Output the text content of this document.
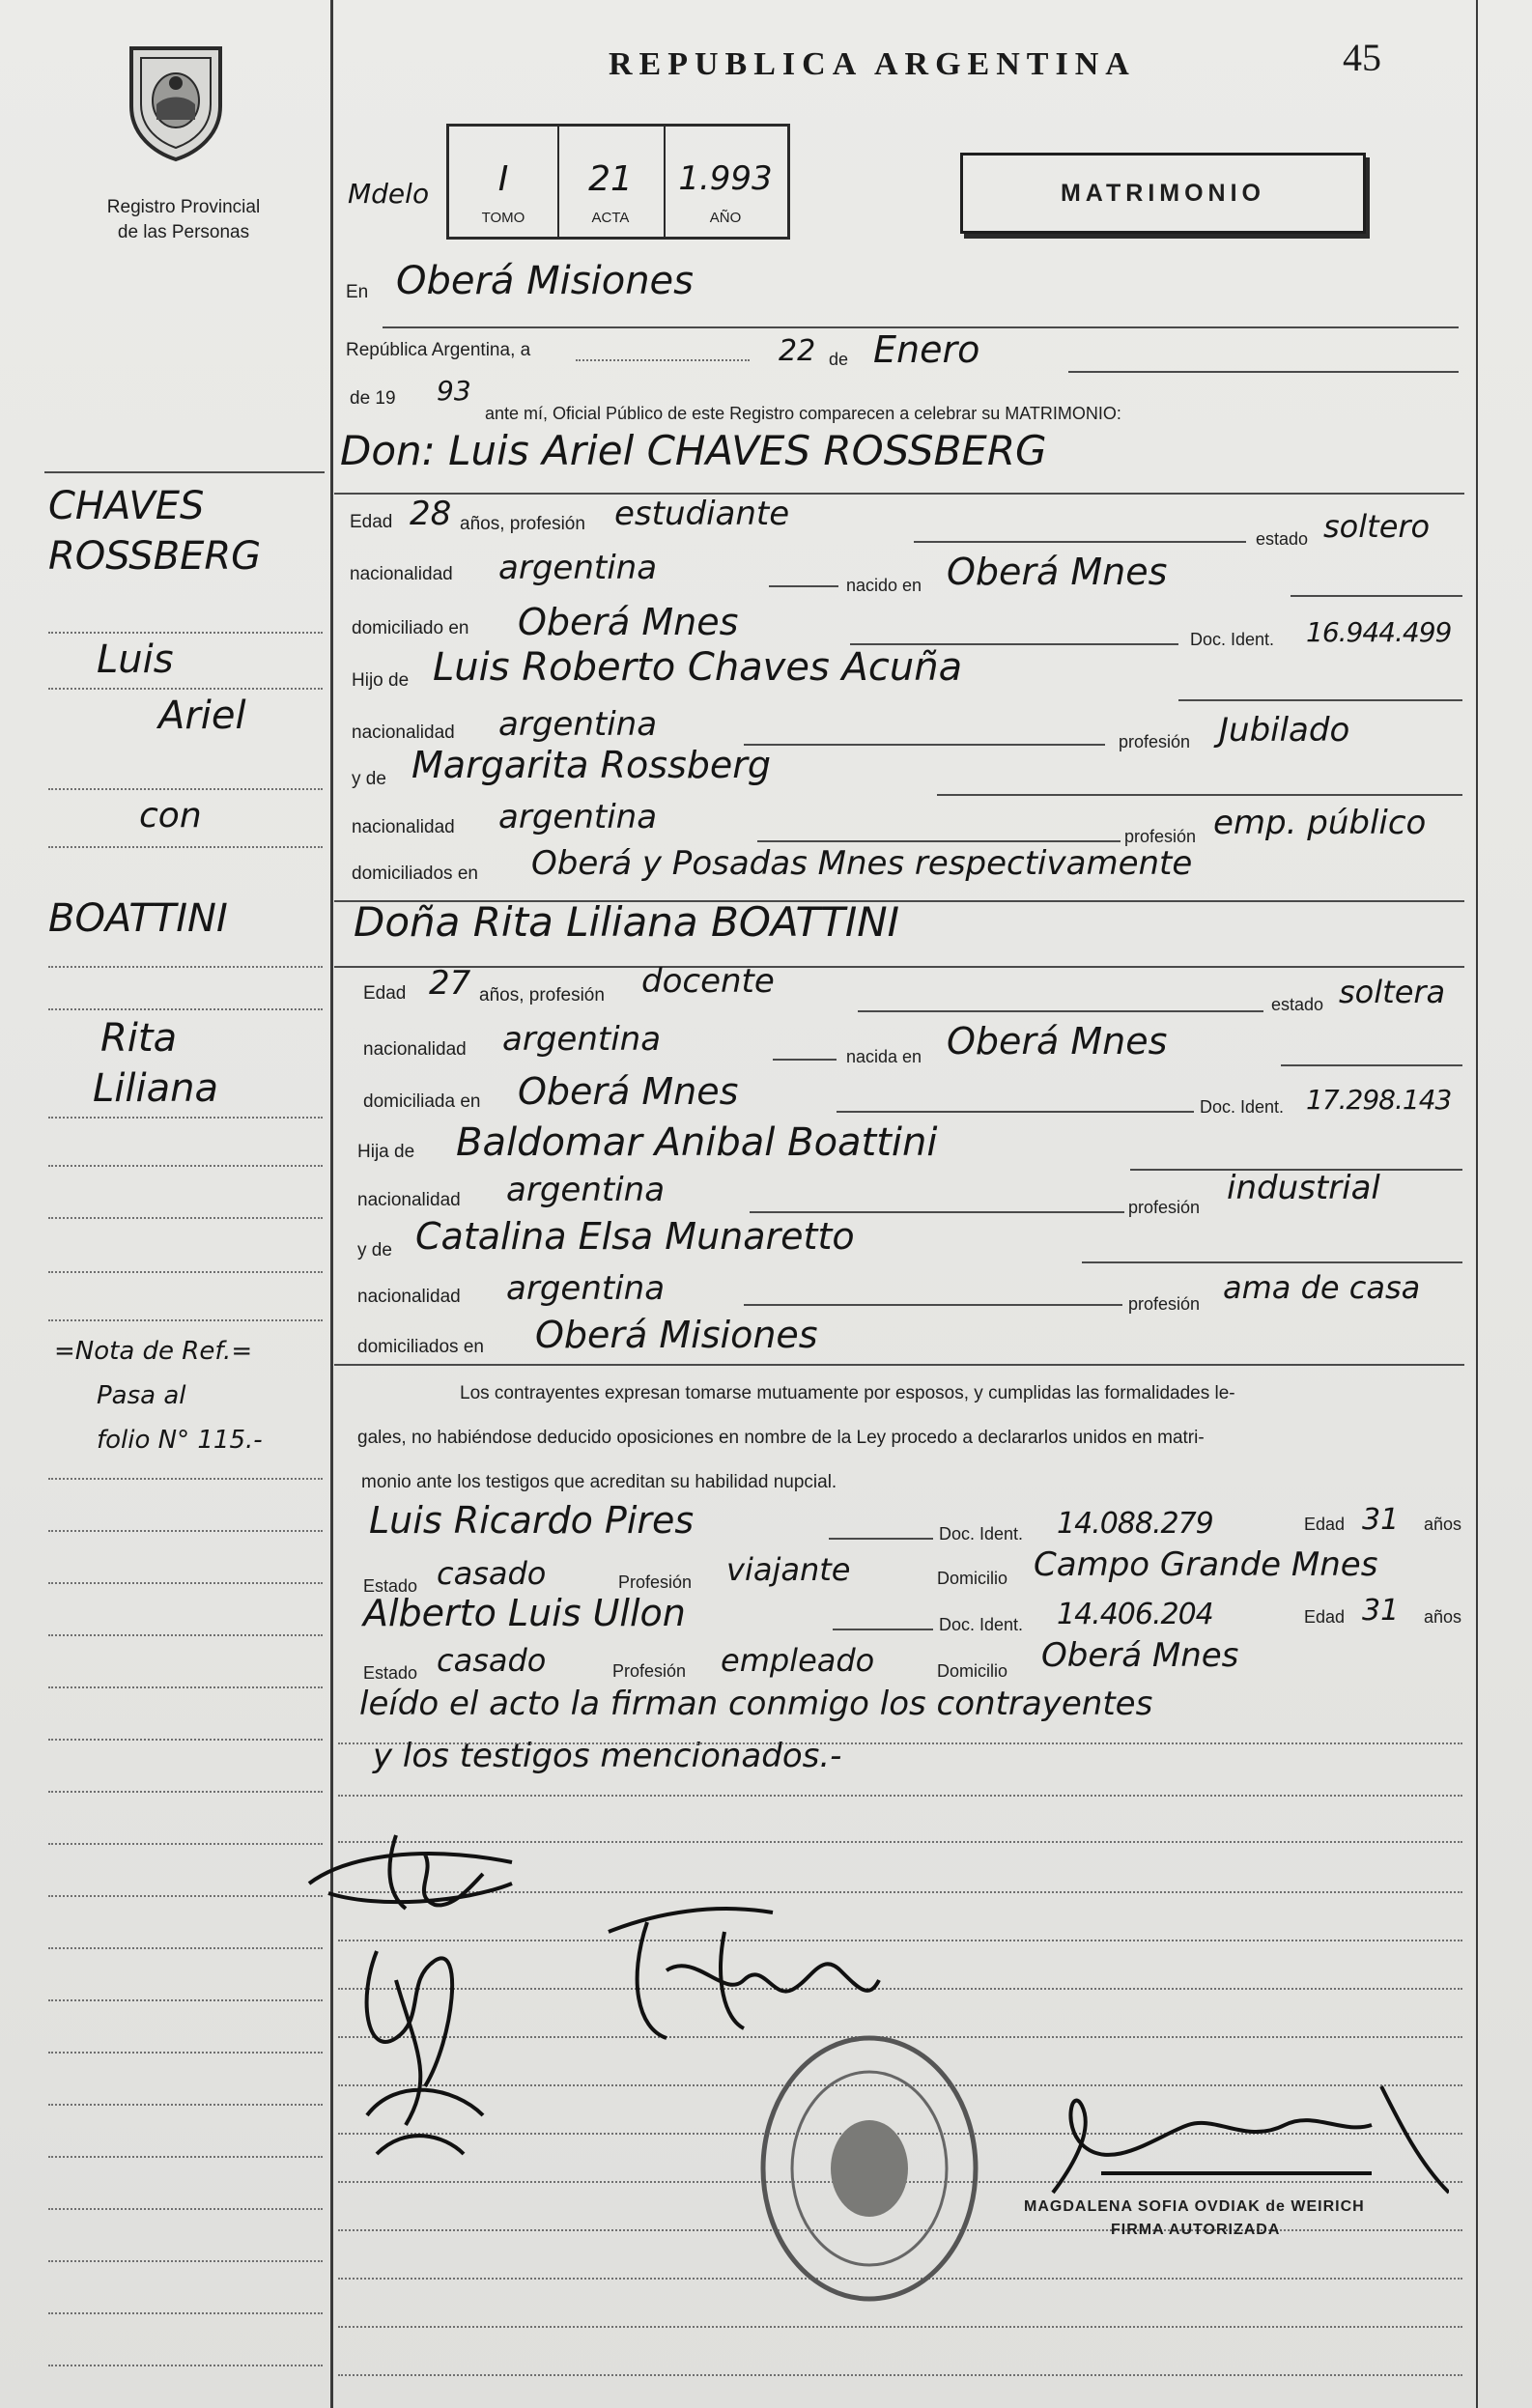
Registro Provincial
de las Personas
REPUBLICA ARGENTINA	45
Mdelo	I
TOMO
21
ACTA
1.993
AÑO
MATRIMONIO
En Oberá Misiones
República Argentina, a	22 de Enero
de 19 93
ante mí, Oficial Público de este Registro comparecen a celebrar su MATRIMONIO:
CHAVES
ROSSBERG
Luis
Ariel
con
BOATTINI
Rita
Liliana
=Nota de Ref.=
Pasa al
folio N° 115.-
Don: Luis Ariel CHAVES ROSSBERG
Edad 28 años, profesión estudiante
estado soltero
nacionalidad argentina	nacido en Oberá Mnes
domiciliado en Oberá Mnes	Doc. Ident. 16.944.499
Hijo de Luis Roberto Chaves Acuña
nacionalidad argentina	profesión Jubilado
y de Margarita Rossberg
nacionalidad argentina	profesión emp. público
domiciliados en Oberá y Posadas Mnes respectivamente
Doña Rita Liliana BOATTINI
Edad 27 años, profesión docente
estado soltera
nacionalidad argentina	nacida en Oberá Mnes
domiciliada en Oberá Mnes	Doc. Ident. 17.298.143
Hija de Baldomar Anibal Boattini
nacionalidad argentina	profesión industrial
y de Catalina Elsa Munaretto
nacionalidad argentina	profesión ama de casa
domiciliados en Oberá Misiones
Los contrayentes expresan tomarse mutuamente por esposos, y cumplidas las formalidades le-
gales, no habiéndose deducido oposiciones en nombre de la Ley procedo a declararlos unidos en matri-
monio ante los testigos que acreditan su habilidad nupcial.
Luis Ricardo Pires	Doc. Ident. 14.088.279	Edad 31 años
Estado casado	Profesión viajante	Domicilio Campo Grande Mnes
Alberto Luis Ullon	Doc. Ident. 14.406.204	Edad 31 años
Estado casado	Profesión empleado	Domicilio Oberá Mnes
leído el acto la firman conmigo los contrayentes
y los testigos mencionados.-
MAGDALENA SOFIA OVDIAK de WEIRICH
FIRMA AUTORIZADA
